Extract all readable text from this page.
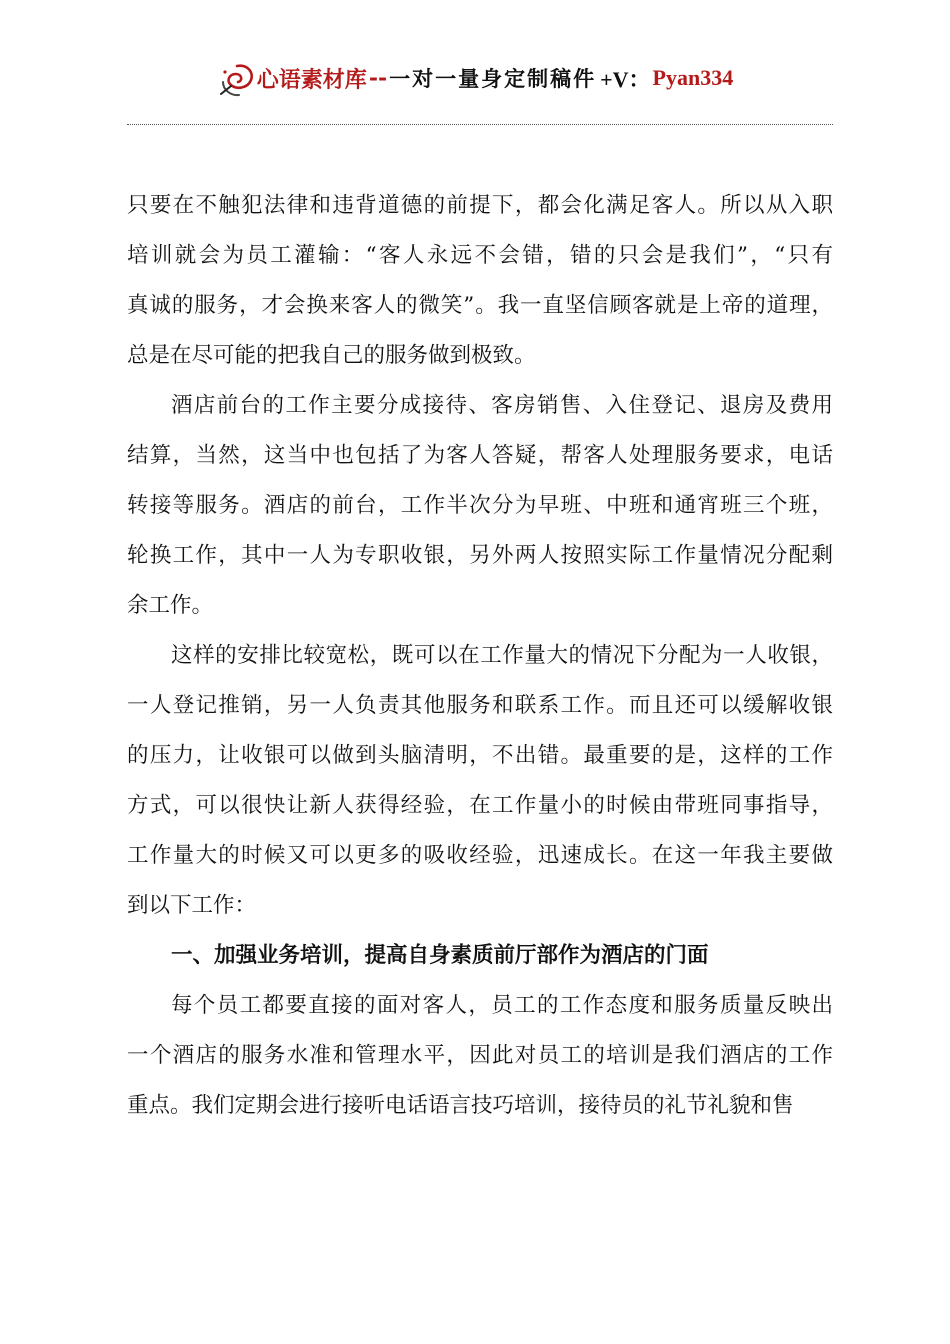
心语素材库 -- 一对一量身定制稿件 +V： Pyan334
只要在不触犯法律和违背道德的前提下，都会化满足客人。所以从入职
培训就会为员工灌输：“客人永远不会错，错的只会是我们”，“只有
真诚的服务，才会换来客人的微笑”。我一直坚信顾客就是上帝的道理，
总是在尽可能的把我自己的服务做到极致。
酒店前台的工作主要分成接待、客房销售、入住登记、退房及费用
结算，当然，这当中也包括了为客人答疑，帮客人处理服务要求，电话
转接等服务。酒店的前台，工作半次分为早班、中班和通宵班三个班，
轮换工作，其中一人为专职收银，另外两人按照实际工作量情况分配剩
余工作。
这样的安排比较宽松，既可以在工作量大的情况下分配为一人收银，
一人登记推销，另一人负责其他服务和联系工作。而且还可以缓解收银
的压力，让收银可以做到头脑清明，不出错。最重要的是，这样的工作
方式，可以很快让新人获得经验，在工作量小的时候由带班同事指导，
工作量大的时候又可以更多的吸收经验，迅速成长。在这一年我主要做
到以下工作：
一、加强业务培训，提高自身素质前厅部作为酒店的门面
每个员工都要直接的面对客人，员工的工作态度和服务质量反映出
一个酒店的服务水准和管理水平，因此对员工的培训是我们酒店的工作
重点。我们定期会进行接听电话语言技巧培训，接待员的礼节礼貌和售
